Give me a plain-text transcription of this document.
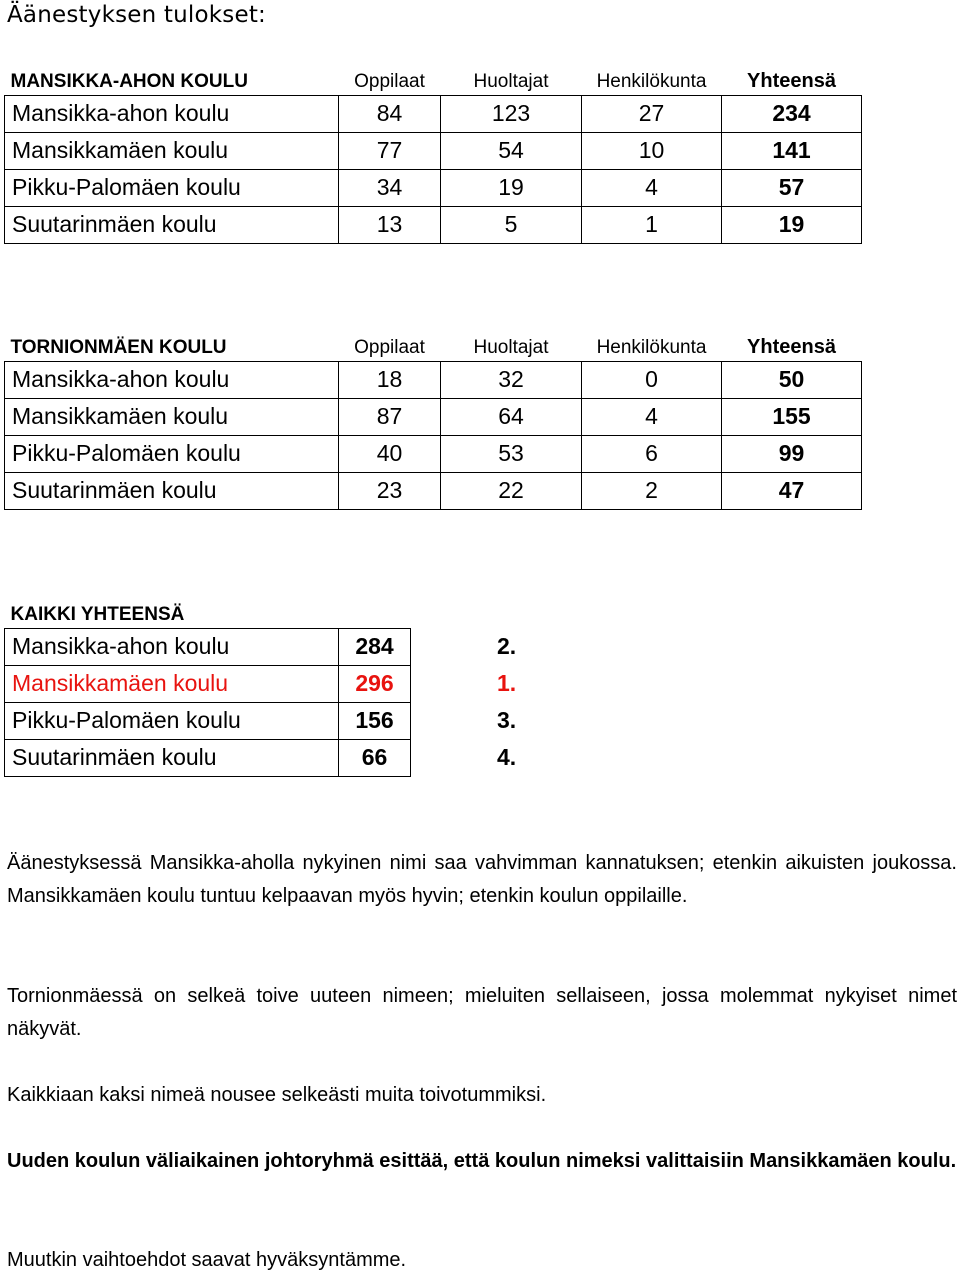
Äänestyksen tulokset:
MANSIKKA-AHON KOULU	Oppilaat	Huoltajat	Henkilökunta	Yhteensä
Mansikka-ahon koulu	84	123	27	234
Mansikkamäen koulu	77	54	10	141
Pikku-Palomäen koulu	34	19	4	57
Suutarinmäen koulu	13	5	1	19
TORNIONMÄEN KOULU	Oppilaat	Huoltajat	Henkilökunta	Yhteensä
Mansikka-ahon koulu	18	32	0	50
Mansikkamäen koulu	87	64	4	155
Pikku-Palomäen koulu	40	53	6	99
Suutarinmäen koulu	23	22	2	47
KAIKKI YHTEENSÄ		
Mansikka-ahon koulu	284	2.
Mansikkamäen koulu	296	1.
Pikku-Palomäen koulu	156	3.
Suutarinmäen koulu	66	4.

Äänestyksessä Mansikka-aholla nykyinen nimi saa vahvimman kannatuksen; etenkin aikuisten joukossa. Mansikkamäen koulu tuntuu kelpaavan myös hyvin; etenkin koulun oppilaille.

Tornionmäessä on selkeä toive uuteen nimeen; mieluiten sellaiseen, jossa molemmat nykyiset nimet näkyvät.

Kaikkiaan kaksi nimeä nousee selkeästi muita toivotummiksi.

Uuden koulun väliaikainen johtoryhmä esittää, että koulun nimeksi valittaisiin Mansikkamäen koulu.

Muutkin vaihtoehdot saavat hyväksyntämme.
